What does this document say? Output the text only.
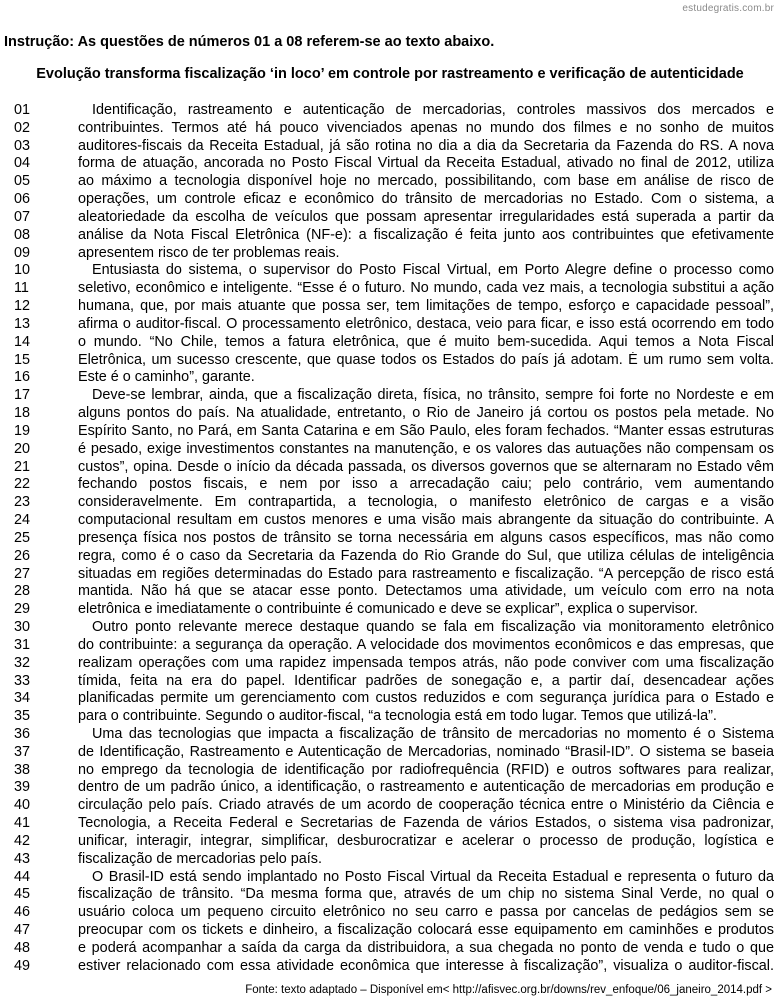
estudegratis.com.br
Instrução: As questões de números 01 a 08 referem-se ao texto abaixo.
Evolução transforma fiscalização ‘in loco’ em controle por rastreamento e verificação de autenticidade
01	Identificação, rastreamento e autenticação de mercadorias, controles massivos dos mercados e
02	contribuintes. Termos até há pouco vivenciados apenas no mundo dos filmes e no sonho de muitos
03	auditores-fiscais da Receita Estadual, já são rotina no dia a dia da Secretaria da Fazenda do RS. A nova
04	forma de atuação, ancorada no Posto Fiscal Virtual da Receita Estadual, ativado no final de 2012, utiliza
05	ao máximo a tecnologia disponível hoje no mercado, possibilitando, com base em análise de risco de
06	operações, um controle eficaz e econômico do trânsito de mercadorias no Estado. Com o sistema, a
07	aleatoriedade da escolha de veículos que possam apresentar irregularidades está superada a partir da
08	análise da Nota Fiscal Eletrônica (NF-e): a fiscalização é feita junto aos contribuintes que efetivamente
09	apresentem risco de ter problemas reais.
10	Entusiasta do sistema, o supervisor do Posto Fiscal Virtual, em Porto Alegre define o processo como
11	seletivo, econômico e inteligente. “Esse é o futuro. No mundo, cada vez mais, a tecnologia substitui a ação
12	humana, que, por mais atuante que possa ser, tem limitações de tempo, esforço e capacidade pessoal”,
13	afirma o auditor-fiscal. O processamento eletrônico, destaca, veio para ficar, e isso está ocorrendo em todo
14	o mundo. “No Chile, temos a fatura eletrônica, que é muito bem-sucedida. Aqui temos a Nota Fiscal
15	Eletrônica, um sucesso crescente, que quase todos os Estados do país já adotam. É um rumo sem volta.
16	Este é o caminho”, garante.
17	Deve-se lembrar, ainda, que a fiscalização direta, física, no trânsito, sempre foi forte no Nordeste e em
18	alguns pontos do país. Na atualidade, entretanto, o Rio de Janeiro já cortou os postos pela metade. No
19	Espírito Santo, no Pará, em Santa Catarina e em São Paulo, eles foram fechados. “Manter essas estruturas
20	é pesado, exige investimentos constantes na manutenção, e os valores das autuações não compensam os
21	custos”, opina. Desde o início da década passada, os diversos governos que se alternaram no Estado vêm
22	fechando postos fiscais, e nem por isso a arrecadação caiu; pelo contrário, vem aumentando
23	consideravelmente. Em contrapartida, a tecnologia, o manifesto eletrônico de cargas e a visão
24	computacional resultam em custos menores e uma visão mais abrangente da situação do contribuinte. A
25	presença física nos postos de trânsito se torna necessária em alguns casos específicos, mas não como
26	regra, como é o caso da Secretaria da Fazenda do Rio Grande do Sul, que utiliza células de inteligência
27	situadas em regiões determinadas do Estado para rastreamento e fiscalização. “A percepção de risco está
28	mantida. Não há que se atacar esse ponto. Detectamos uma atividade, um veículo com erro na nota
29	eletrônica e imediatamente o contribuinte é comunicado e deve se explicar”, explica o supervisor.
30	Outro ponto relevante merece destaque quando se fala em fiscalização via monitoramento eletrônico
31	do contribuinte: a segurança da operação. A velocidade dos movimentos econômicos e das empresas, que
32	realizam operações com uma rapidez impensada tempos atrás, não pode conviver com uma fiscalização
33	tímida, feita na era do papel. Identificar padrões de sonegação e, a partir daí, desencadear ações
34	planificadas permite um gerenciamento com custos reduzidos e com segurança jurídica para o Estado e
35	para o contribuinte. Segundo o auditor-fiscal, “a tecnologia está em todo lugar. Temos que utilizá-la”.
36	Uma das tecnologias que impacta a fiscalização de trânsito de mercadorias no momento é o Sistema
37	de Identificação, Rastreamento e Autenticação de Mercadorias, nominado “Brasil-ID”. O sistema se baseia
38	no emprego da tecnologia de identificação por radiofrequência (RFID) e outros softwares para realizar,
39	dentro de um padrão único, a identificação, o rastreamento e autenticação de mercadorias em produção e
40	circulação pelo país. Criado através de um acordo de cooperação técnica entre o Ministério da Ciência e
41	Tecnologia, a Receita Federal e Secretarias de Fazenda de vários Estados, o sistema visa padronizar,
42	unificar, interagir, integrar, simplificar, desburocratizar e acelerar o processo de produção, logística e
43	fiscalização de mercadorias pelo país.
44	O Brasil-ID está sendo implantado no Posto Fiscal Virtual da Receita Estadual e representa o futuro da
45	fiscalização de trânsito. “Da mesma forma que, através de um chip no sistema Sinal Verde, no qual o
46	usuário coloca um pequeno circuito eletrônico no seu carro e passa por cancelas de pedágios sem se
47	preocupar com os tickets e dinheiro, a fiscalização colocará esse equipamento em caminhões e produtos
48	e poderá acompanhar a saída da carga da distribuidora, a sua chegada no ponto de venda e tudo o que
49	estiver relacionado com essa atividade econômica que interesse à fiscalização”, visualiza o auditor-fiscal.
Fonte: texto adaptado – Disponível em< http://afisvec.org.br/downs/rev_enfoque/06_janeiro_2014.pdf >
